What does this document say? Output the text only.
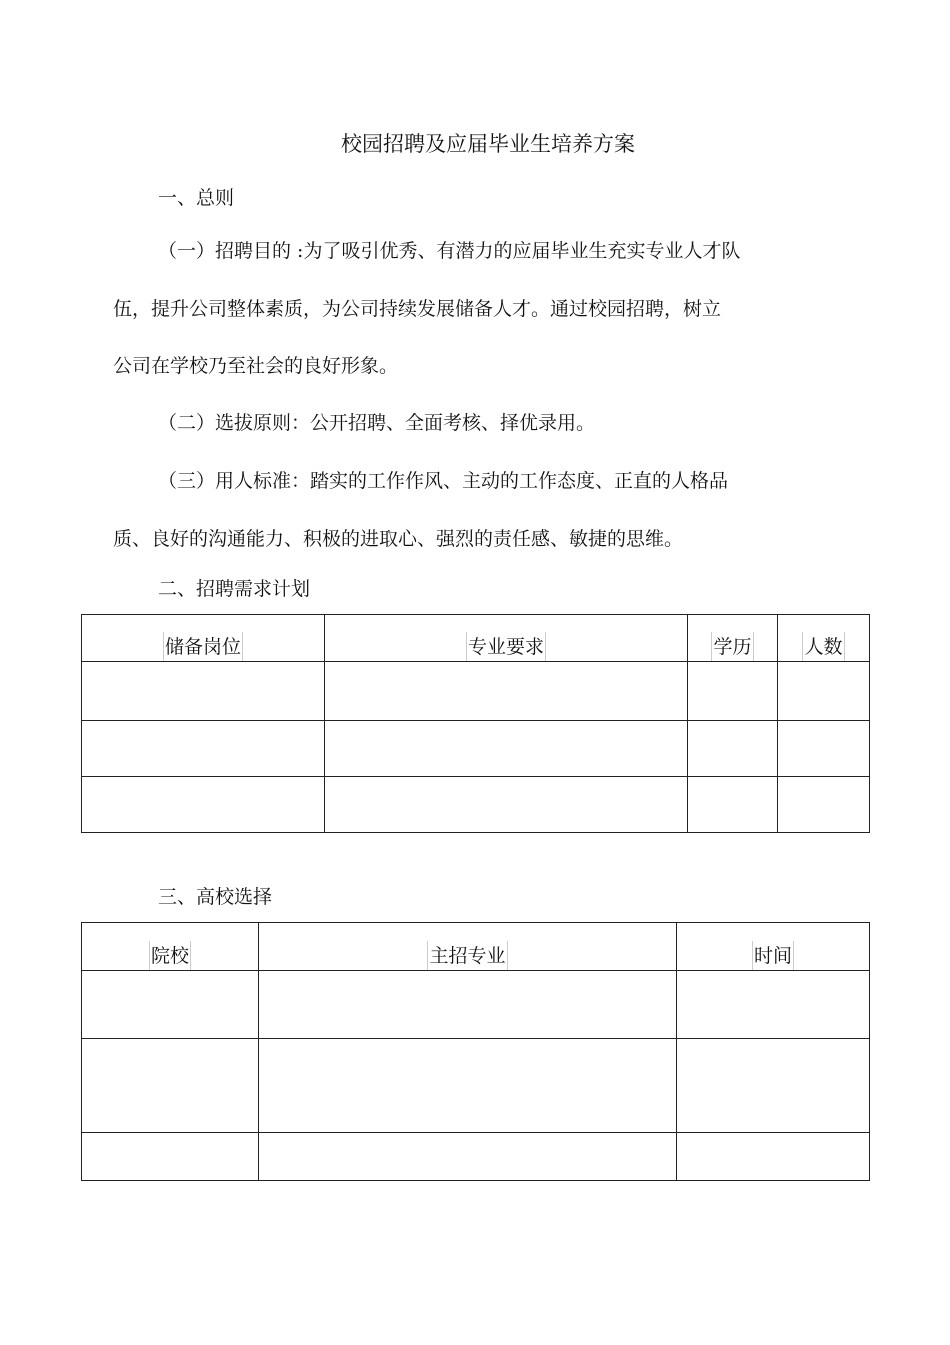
校园招聘及应届毕业生培养方案
一、总则
（一）招聘目的 :为了吸引优秀、有潜力的应届毕业生充实专业人才队
伍，提升公司整体素质，为公司持续发展储备人才。通过校园招聘，树立
公司在学校乃至社会的良好形象。
（二）选拔原则：公开招聘、全面考核、择优录用。
（三）用人标准：踏实的工作作风、主动的工作态度、正直的人格品
质、良好的沟通能力、积极的进取心、强烈的责任感、敏捷的思维。
二、招聘需求计划
储备岗位	专业要求	学历	人数

三、高校选择
院校	主招专业	时间
